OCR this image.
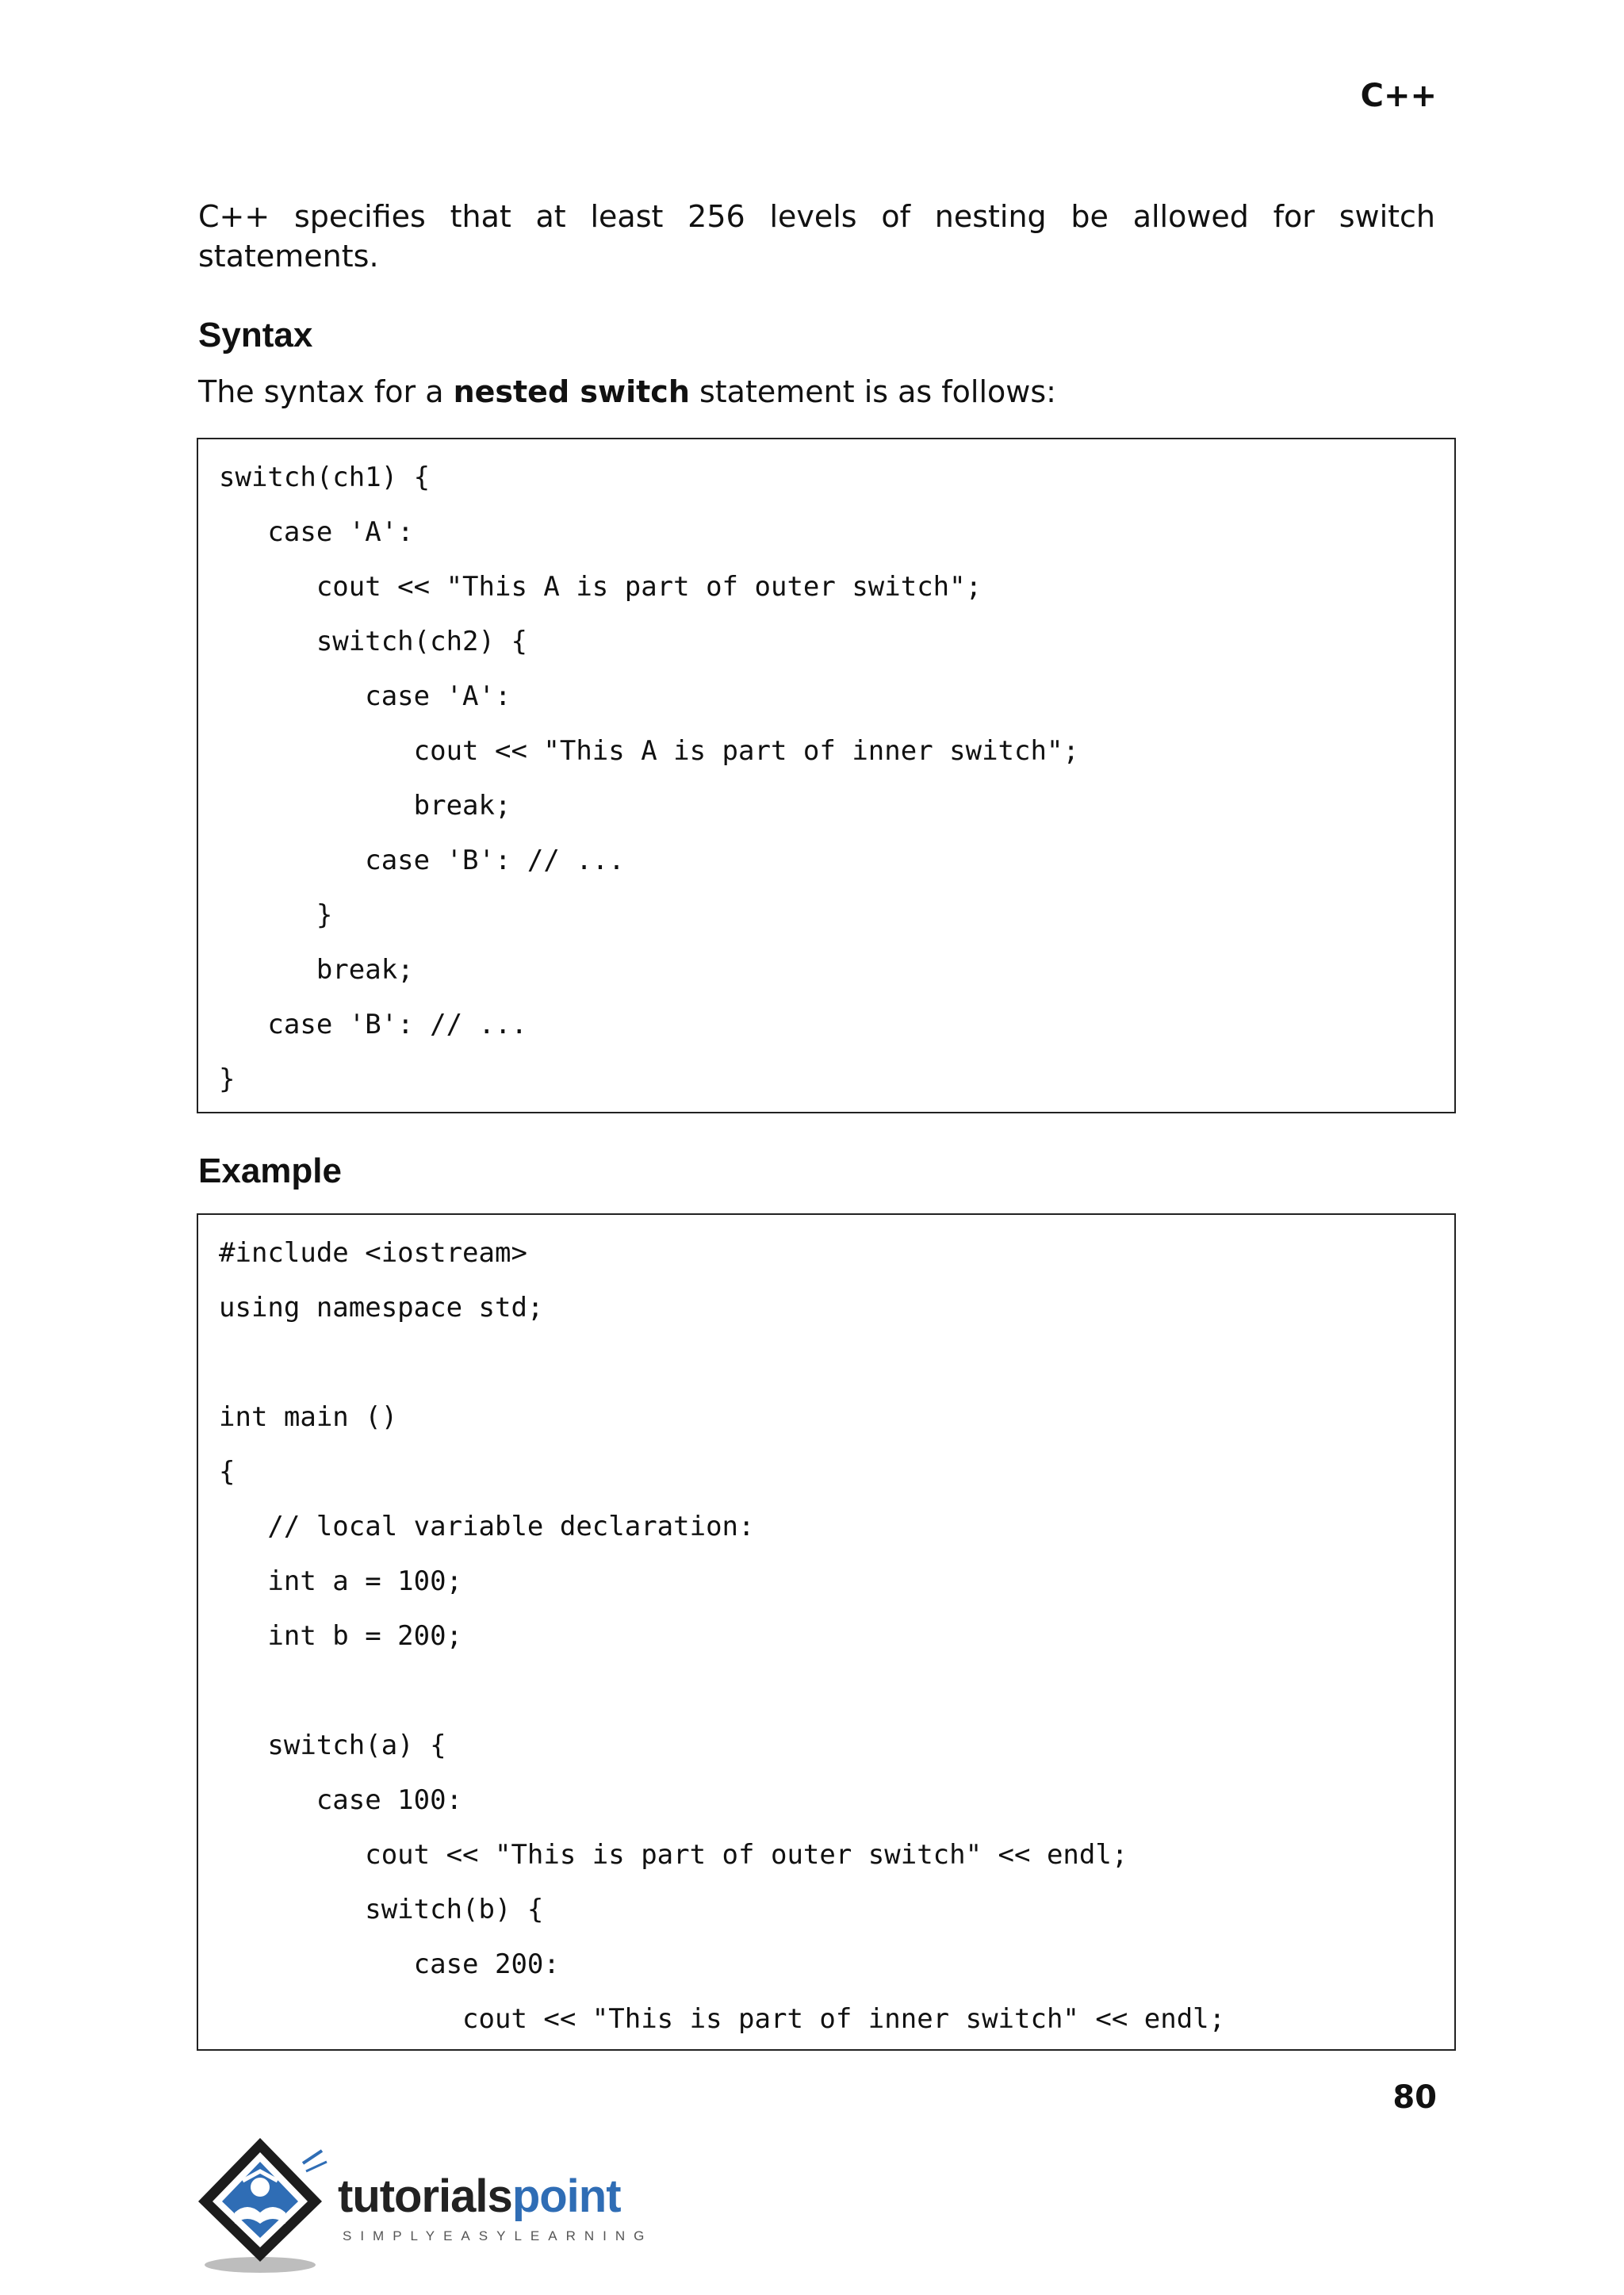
C++
C++ specifies that at least 256 levels of nesting be allowed for switch statements.
Syntax
The syntax for a nested switch statement is as follows:
switch(ch1) {
case 'A':
cout << "This A is part of outer switch";
switch(ch2) {
case 'A':
cout << "This A is part of inner switch";
break;
case 'B': // ...
}
break;
case 'B': // ...
}
Example
#include <iostream>
using namespace std;
int main ()
{
// local variable declaration:
int a = 100;
int b = 200;
switch(a) {
case 100:
cout << "This is part of outer switch" << endl;
switch(b) {
case 200:
cout << "This is part of inner switch" << endl;
80
tutorialspoint
SIMPLYEASYLEARNING
